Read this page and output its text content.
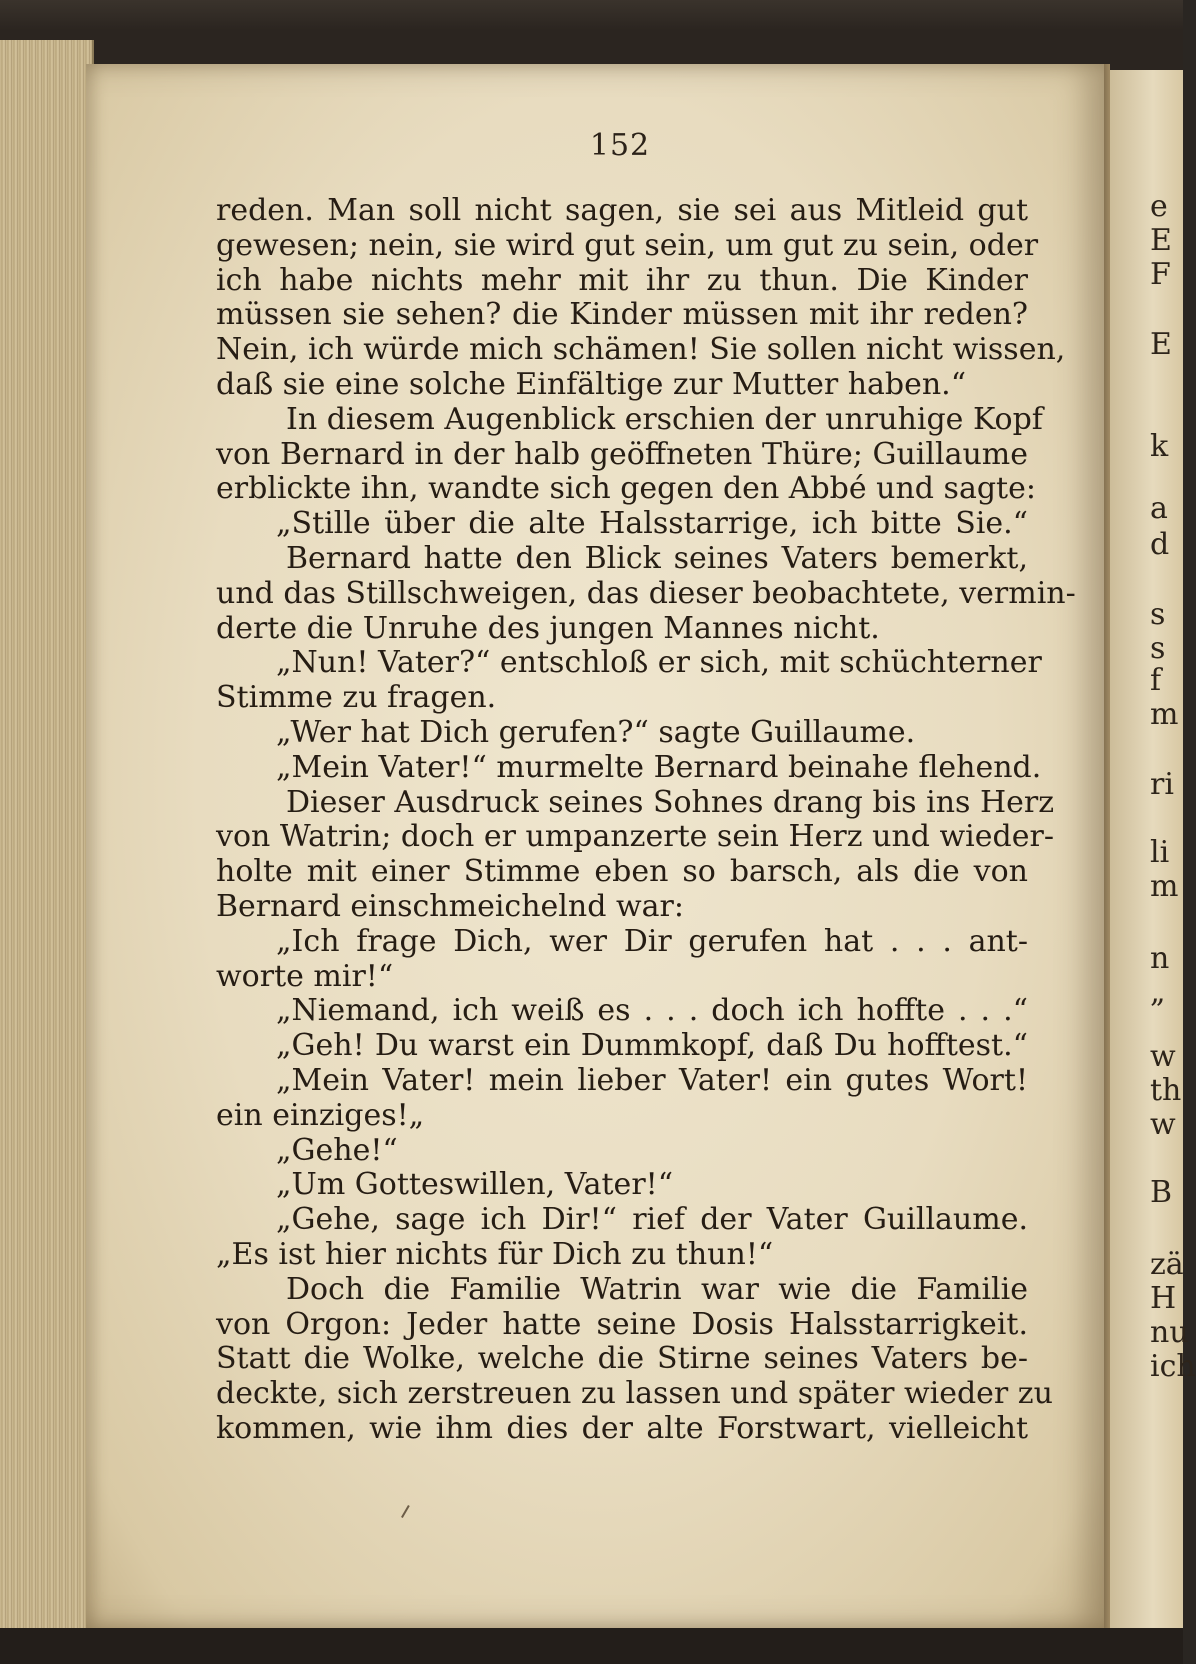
152
reden. Man soll nicht sagen, sie sei aus Mitleid gut
gewesen; nein, sie wird gut sein, um gut zu sein, oder
ich habe nichts mehr mit ihr zu thun. Die Kinder
müssen sie sehen? die Kinder müssen mit ihr reden?
Nein, ich würde mich schämen! Sie sollen nicht wissen,
daß sie eine solche Einfältige zur Mutter haben.“
In diesem Augenblick erschien der unruhige Kopf
von Bernard in der halb geöffneten Thüre; Guillaume
erblickte ihn, wandte sich gegen den Abbé und sagte:
„Stille über die alte Halsstarrige, ich bitte Sie.“
Bernard hatte den Blick seines Vaters bemerkt,
und das Stillschweigen, das dieser beobachtete, vermin-
derte die Unruhe des jungen Mannes nicht.
„Nun! Vater?“ entschloß er sich, mit schüchterner
Stimme zu fragen.
„Wer hat Dich gerufen?“ sagte Guillaume.
„Mein Vater!“ murmelte Bernard beinahe flehend.
Dieser Ausdruck seines Sohnes drang bis ins Herz
von Watrin; doch er umpanzerte sein Herz und wieder-
holte mit einer Stimme eben so barsch, als die von
Bernard einschmeichelnd war:
„Ich frage Dich, wer Dir gerufen hat . . . ant-
worte mir!“
„Niemand, ich weiß es . . . doch ich hoffte . . .“
„Geh! Du warst ein Dummkopf, daß Du hofftest.“
„Mein Vater! mein lieber Vater! ein gutes Wort!
ein einziges!„
„Gehe!“
„Um Gotteswillen, Vater!“
„Gehe, sage ich Dir!“ rief der Vater Guillaume.
„Es ist hier nichts für Dich zu thun!“
Doch die Familie Watrin war wie die Familie
von Orgon: Jeder hatte seine Dosis Halsstarrigkeit.
Statt die Wolke, welche die Stirne seines Vaters be-
deckte, sich zerstreuen zu lassen und später wieder zu
kommen, wie ihm dies der alte Forstwart, vielleicht
e
E
F
E
k
a
d
s
s
f
m
ri
li
m
n
„
w
th
w
B
zä
H
nu
ich
